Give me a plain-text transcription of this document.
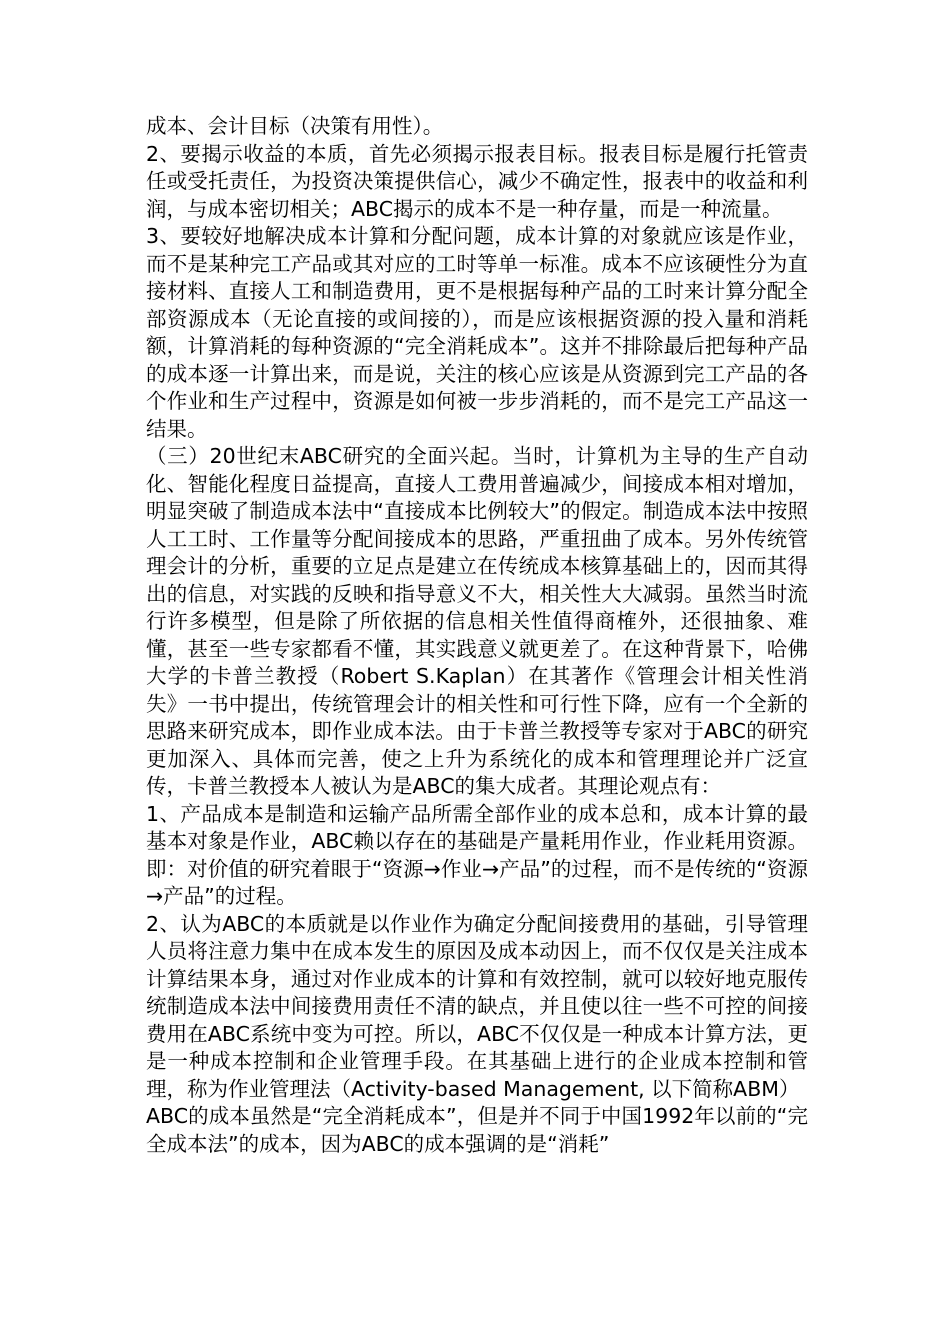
成本、会计目标（决策有用性）。

2、要揭示收益的本质，首先必须揭示报表目标。报表目标是履行托管责任或受托责任，为投资决策提供信心，减少不确定性，报表中的收益和利润，与成本密切相关；ABC揭示的成本不是一种存量，而是一种流量。

3、要较好地解决成本计算和分配问题，成本计算的对象就应该是作业，而不是某种完工产品或其对应的工时等单一标准。成本不应该硬性分为直接材料、直接人工和制造费用，更不是根据每种产品的工时来计算分配全部资源成本（无论直接的或间接的），而是应该根据资源的投入量和消耗额，计算消耗的每种资源的“完全消耗成本”。这并不排除最后把每种产品的成本逐一计算出来，而是说，关注的核心应该是从资源到完工产品的各个作业和生产过程中，资源是如何被一步步消耗的，而不是完工产品这一结果。

（三）20世纪末ABC研究的全面兴起。当时，计算机为主导的生产自动化、智能化程度日益提高，直接人工费用普遍减少，间接成本相对增加，明显突破了制造成本法中“直接成本比例较大”的假定。制造成本法中按照人工工时、工作量等分配间接成本的思路，严重扭曲了成本。另外传统管理会计的分析，重要的立足点是建立在传统成本核算基础上的，因而其得出的信息，对实践的反映和指导意义不大，相关性大大减弱。虽然当时流行许多模型，但是除了所依据的信息相关性值得商榷外，还很抽象、难懂，甚至一些专家都看不懂，其实践意义就更差了。在这种背景下，哈佛大学的卡普兰教授（Robert S.Kaplan）在其著作《管理会计相关性消失》一书中提出，传统管理会计的相关性和可行性下降，应有一个全新的思路来研究成本，即作业成本法。由于卡普兰教授等专家对于ABC的研究更加深入、具体而完善，使之上升为系统化的成本和管理理论并广泛宣传，卡普兰教授本人被认为是ABC的集大成者。其理论观点有：

1、产品成本是制造和运输产品所需全部作业的成本总和，成本计算的最基本对象是作业，ABC赖以存在的基础是产量耗用作业，作业耗用资源。即：对价值的研究着眼于“资源→作业→产品”的过程，而不是传统的“资源→产品”的过程。

2、认为ABC的本质就是以作业作为确定分配间接费用的基础，引导管理人员将注意力集中在成本发生的原因及成本动因上，而不仅仅是关注成本计算结果本身，通过对作业成本的计算和有效控制，就可以较好地克服传统制造成本法中间接费用责任不清的缺点，并且使以往一些不可控的间接费用在ABC系统中变为可控。所以，ABC不仅仅是一种成本计算方法，更是一种成本控制和企业管理手段。在其基础上进行的企业成本控制和管理，称为作业管理法（Activity-based Management, 以下简称ABM）

ABC的成本虽然是“完全消耗成本”，但是并不同于中国1992年以前的“完全成本法”的成本，因为ABC的成本强调的是“消耗”
